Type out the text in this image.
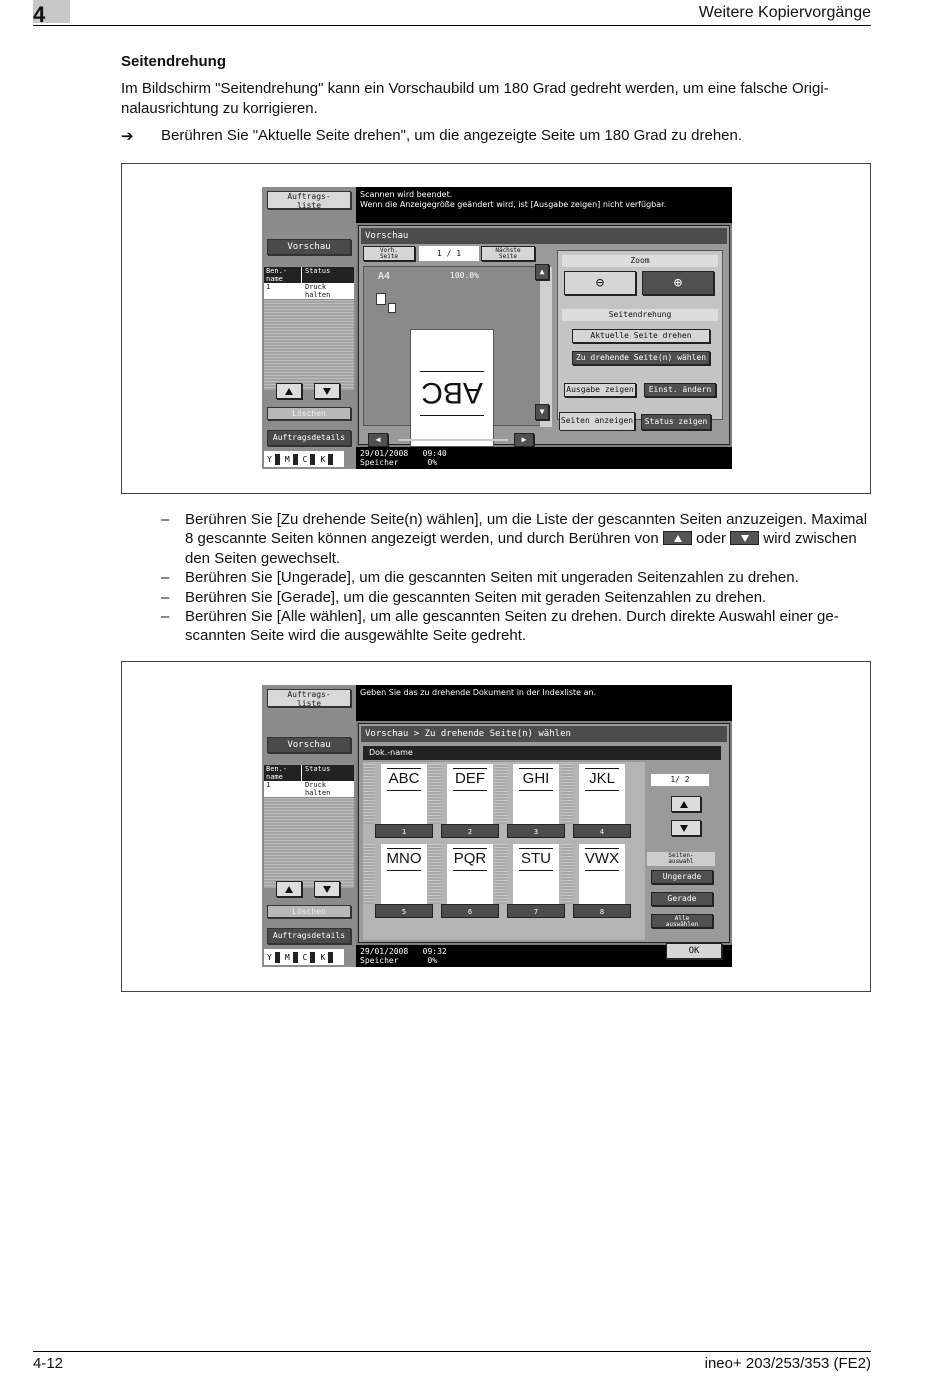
4	Weitere Kopiervorgänge
Seitendrehung
Im Bildschirm "Seitendrehung" kann ein Vorschaubild um 180 Grad gedreht werden, um eine falsche Origi-
nalausrichtung zu korrigieren.
➔ Berühren Sie "Aktuelle Seite drehen", um die angezeigte Seite um 180 Grad zu drehen.
Auftrags-
liste
Vorschau
Ben.-
name
Status
1	Druck
halten
Löschen
Auftragsdetails
Y M C K
Scannen wird beendet.
Wenn die Anzeigegröße geändert wird, ist [Ausgabe zeigen] nicht verfügbar.
Vorschau
Vorh.
Seite	1 / 1	Nächste
Seite
A4	100.0%
ABC
◀	▶
▲
▼
Zoom
⊖	⊕
Seitendrehung
Aktuelle Seite drehen
Zu drehende Seite(n) wählen
Ausgabe zeigen	Einst. ändern
Seiten anzeigen	Status zeigen
29/01/2008 09:40
Speicher	0%
– Berühren Sie [Zu drehende Seite(n) wählen], um die Liste der gescannten Seiten anzuzeigen. Maximal 8 gescannte Seiten können angezeigt werden, und durch Berühren von oder wird zwischen den Seiten gewechselt.
– Berühren Sie [Ungerade], um die gescannten Seiten mit ungeraden Seitenzahlen zu drehen.
– Berühren Sie [Gerade], um die gescannten Seiten mit geraden Seitenzahlen zu drehen.
– Berühren Sie [Alle wählen], um alle gescannten Seiten zu drehen. Durch direkte Auswahl einer ge-scannten Seite wird die ausgewählte Seite gedreht.
Auftrags-
liste
Vorschau
Ben.-
name
Status
1	Druck
halten
Löschen
Auftragsdetails
Y M C K
Geben Sie das zu drehende Dokument in der Indexliste an.
Vorschau > Zu drehende Seite(n) wählen
Dok.-name
ABC
1
DEF
2
GHI
3
JKL
4
MNO
5
PQR
6
STU
7
VWX
8
1/ 2
Seiten-
auswahl
Ungerade
Gerade
Alle
auswählen
29/01/2008 09:32
Speicher	0%
OK
4-12	ineo+ 203/253/353 (FE2)
